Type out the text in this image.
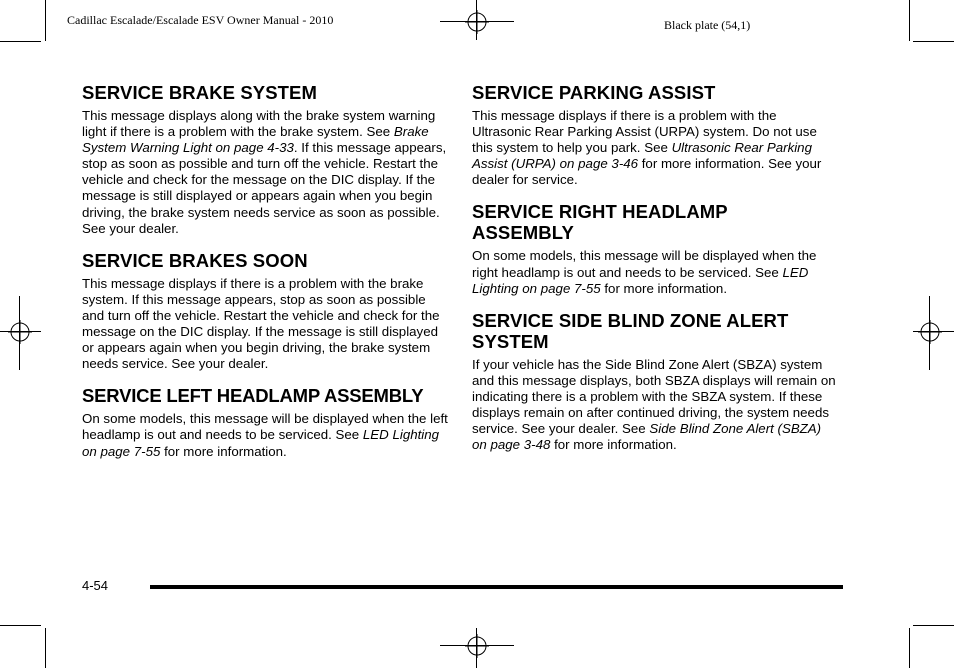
Cadillac Escalade/Escalade ESV Owner Manual - 2010	Black plate (54,1)
SERVICE BRAKE SYSTEM

This message displays along with the brake system warning light if there is a problem with the brake system. See Brake System Warning Light on page 4-33. If this message appears, stop as soon as possible and turn off the vehicle. Restart the vehicle and check for the message on the DIC display. If the message is still displayed or appears again when you begin driving, the brake system needs service as soon as possible. See your dealer.

SERVICE BRAKES SOON

This message displays if there is a problem with the brake system. If this message appears, stop as soon as possible and turn off the vehicle. Restart the vehicle and check for the message on the DIC display. If the message is still displayed or appears again when you begin driving, the brake system needs service. See your dealer.

SERVICE LEFT HEADLAMP ASSEMBLY

On some models, this message will be displayed when the left headlamp is out and needs to be serviced. See LED Lighting on page 7-55 for more information.

SERVICE PARKING ASSIST

This message displays if there is a problem with the Ultrasonic Rear Parking Assist (URPA) system. Do not use this system to help you park. See Ultrasonic Rear Parking Assist (URPA) on page 3-46 for more information. See your dealer for service.

SERVICE RIGHT HEADLAMP ASSEMBLY

On some models, this message will be displayed when the right headlamp is out and needs to be serviced. See LED Lighting on page 7-55 for more information.

SERVICE SIDE BLIND ZONE ALERT SYSTEM

If your vehicle has the Side Blind Zone Alert (SBZA) system and this message displays, both SBZA displays will remain on indicating there is a problem with the SBZA system. If these displays remain on after continued driving, the system needs service. See your dealer. See Side Blind Zone Alert (SBZA) on page 3-48 for more information.

4-54
